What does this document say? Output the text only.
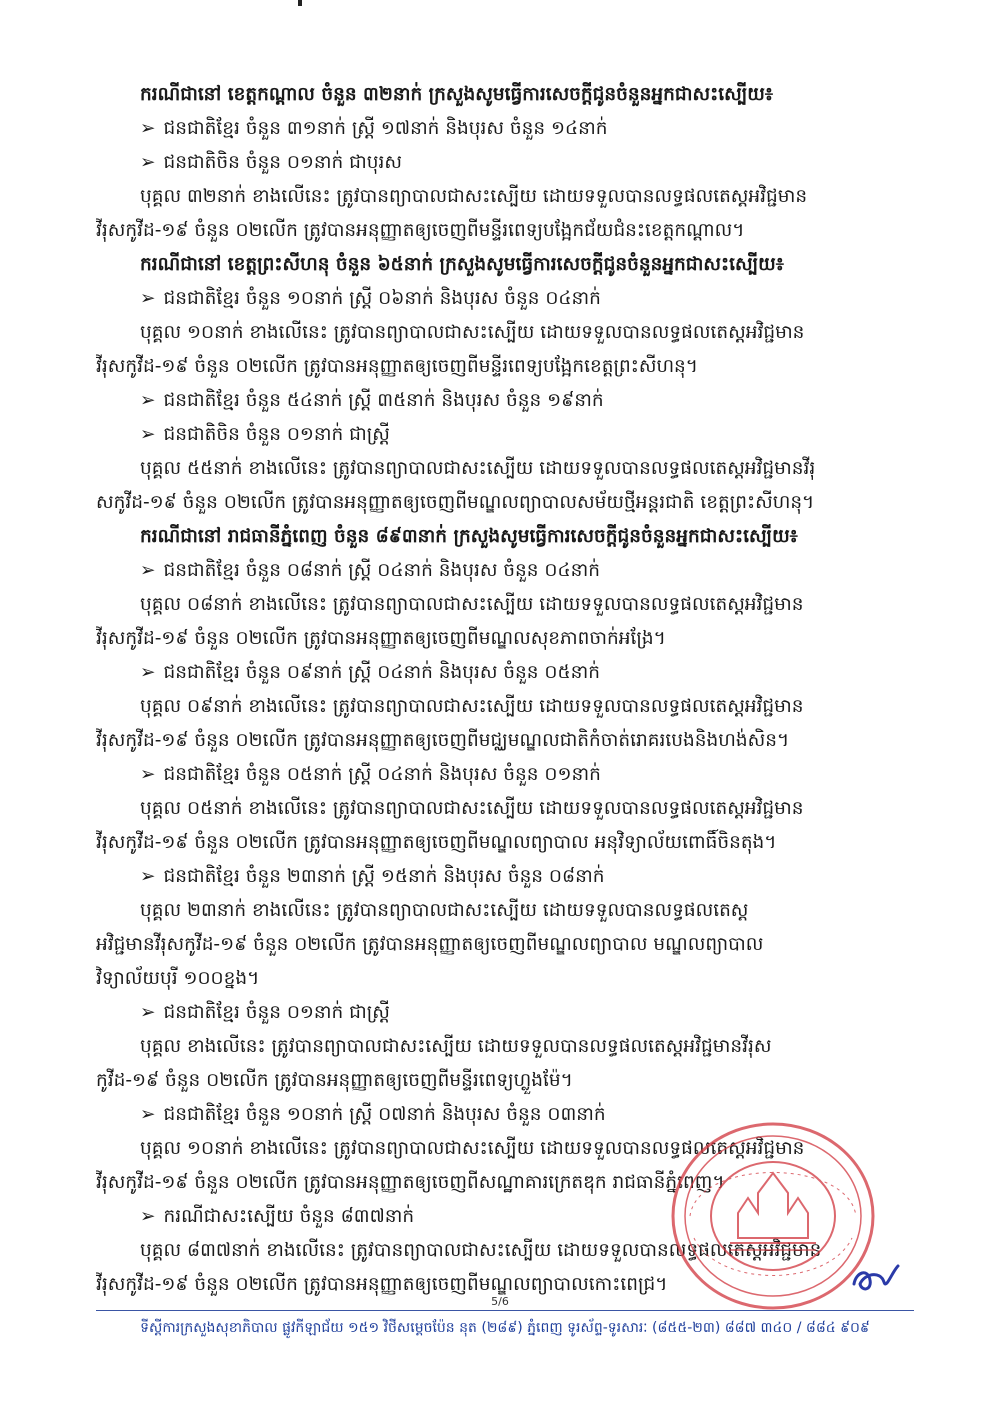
ករណីជានៅ ខេត្តកណ្តាល ចំនួន ៣២នាក់ ក្រសួងសូមធ្វើការសេចក្តីជូនចំនួនអ្នកជាសះស្បើយ៖
➢ ជនជាតិខ្មែរ ចំនួន ៣១នាក់ ស្ត្រី ១៧នាក់ និងបុរស ចំនួន ១៤នាក់
➢ ជនជាតិចិន ចំនួន ០១នាក់ ជាបុរស
បុគ្គល ៣២នាក់ ខាងលើនេះ ត្រូវបានព្យាបាលជាសះស្បើយ ដោយទទួលបានលទ្ធផលតេស្តអវិជ្ជមាន
វីរុសកូវីដ-១៩ ចំនួន ០២លើក ត្រូវបានអនុញ្ញាតឲ្យចេញពីមន្ទីរពេទ្យបង្អែកជ័យជំនះខេត្តកណ្តាល។
ករណីជានៅ ខេត្តព្រះសីហនុ ចំនួន ៦៥នាក់ ក្រសួងសូមធ្វើការសេចក្តីជូនចំនួនអ្នកជាសះស្បើយ៖
➢ ជនជាតិខ្មែរ ចំនួន ១០នាក់ ស្ត្រី ០៦នាក់ និងបុរស ចំនួន ០៤នាក់
បុគ្គល ១០នាក់ ខាងលើនេះ ត្រូវបានព្យាបាលជាសះស្បើយ ដោយទទួលបានលទ្ធផលតេស្តអវិជ្ជមាន
វីរុសកូវីដ-១៩ ចំនួន ០២លើក ត្រូវបានអនុញ្ញាតឲ្យចេញពីមន្ទីរពេទ្យបង្អែកខេត្តព្រះសីហនុ។
➢ ជនជាតិខ្មែរ ចំនួន ៥៤នាក់ ស្ត្រី ៣៥នាក់ និងបុរស ចំនួន ១៩នាក់
➢ ជនជាតិចិន ចំនួន ០១នាក់ ជាស្ត្រី
បុគ្គល ៥៥នាក់ ខាងលើនេះ ត្រូវបានព្យាបាលជាសះស្បើយ ដោយទទួលបានលទ្ធផលតេស្តអវិជ្ជមានវីរុ
សកូវីដ-១៩ ចំនួន ០២លើក ត្រូវបានអនុញ្ញាតឲ្យចេញពីមណ្ឌលព្យាបាលសម័យថ្មីអន្តរជាតិ ខេត្តព្រះសីហនុ។
ករណីជានៅ រាជធានីភ្នំពេញ ចំនួន ៨៩៣នាក់ ក្រសួងសូមធ្វើការសេចក្តីជូនចំនួនអ្នកជាសះស្បើយ៖
➢ ជនជាតិខ្មែរ ចំនួន ០៨នាក់ ស្ត្រី ០៤នាក់ និងបុរស ចំនួន ០៤នាក់
បុគ្គល ០៨នាក់ ខាងលើនេះ ត្រូវបានព្យាបាលជាសះស្បើយ ដោយទទួលបានលទ្ធផលតេស្តអវិជ្ជមាន
វីរុសកូវីដ-១៩ ចំនួន ០២លើក ត្រូវបានអនុញ្ញាតឲ្យចេញពីមណ្ឌលសុខភាពចាក់អង្រែ។
➢ ជនជាតិខ្មែរ ចំនួន ០៩នាក់ ស្ត្រី ០៤នាក់ និងបុរស ចំនួន ០៥នាក់
បុគ្គល ០៩នាក់ ខាងលើនេះ ត្រូវបានព្យាបាលជាសះស្បើយ ដោយទទួលបានលទ្ធផលតេស្តអវិជ្ជមាន
វីរុសកូវីដ-១៩ ចំនួន ០២លើក ត្រូវបានអនុញ្ញាតឲ្យចេញពីមជ្ឈមណ្ឌលជាតិកំចាត់រោគរបេងនិងហង់សិន។
➢ ជនជាតិខ្មែរ ចំនួន ០៥នាក់ ស្ត្រី ០៤នាក់ និងបុរស ចំនួន ០១នាក់
បុគ្គល ០៥នាក់ ខាងលើនេះ ត្រូវបានព្យាបាលជាសះស្បើយ ដោយទទួលបានលទ្ធផលតេស្តអវិជ្ជមាន
វីរុសកូវីដ-១៩ ចំនួន ០២លើក ត្រូវបានអនុញ្ញាតឲ្យចេញពីមណ្ឌលព្យាបាល អនុវិទ្យាល័យពោធិ៍ចិនតុង។
➢ ជនជាតិខ្មែរ ចំនួន ២៣នាក់ ស្ត្រី ១៥នាក់ និងបុរស ចំនួន ០៨នាក់
បុគ្គល ២៣នាក់ ខាងលើនេះ ត្រូវបានព្យាបាលជាសះស្បើយ ដោយទទួលបានលទ្ធផលតេស្ត
អវិជ្ជមានវីរុសកូវីដ-១៩ ចំនួន ០២លើក ត្រូវបានអនុញ្ញាតឲ្យចេញពីមណ្ឌលព្យាបាល មណ្ឌលព្យាបាល
វិទ្យាល័យបុរី ១០០ខ្នង។
➢ ជនជាតិខ្មែរ ចំនួន ០១នាក់ ជាស្ត្រី
បុគ្គល ខាងលើនេះ ត្រូវបានព្យាបាលជាសះស្បើយ ដោយទទួលបានលទ្ធផលតេស្តអវិជ្ជមានវីរុស
កូវីដ-១៩ ចំនួន ០២លើក ត្រូវបានអនុញ្ញាតឲ្យចេញពីមន្ទីរពេទ្យហ្លួងម៉ែ។
➢ ជនជាតិខ្មែរ ចំនួន ១០នាក់ ស្ត្រី ០៧នាក់ និងបុរស ចំនួន ០៣នាក់
បុគ្គល ១០នាក់ ខាងលើនេះ ត្រូវបានព្យាបាលជាសះស្បើយ ដោយទទួលបានលទ្ធផលតេស្តអវិជ្ជមាន
វីរុសកូវីដ-១៩ ចំនួន ០២លើក ត្រូវបានអនុញ្ញាតឲ្យចេញពីសណ្ឋាគារក្រេតឌុក រាជធានីភ្នំពេញ។
➢ ករណីជាសះស្បើយ ចំនួន ៨៣៧នាក់
បុគ្គល ៨៣៧នាក់ ខាងលើនេះ ត្រូវបានព្យាបាលជាសះស្បើយ ដោយទទួលបានលទ្ធផលតេស្តអវិជ្ជមាន
វីរុសកូវីដ-១៩ ចំនួន ០២លើក ត្រូវបានអនុញ្ញាតឲ្យចេញពីមណ្ឌលព្យាបាលកោះពេជ្រ។
5/6
ទីស្តីការក្រសួងសុខាភិបាល ផ្លូវកីឡាជ័យ ១៥១ វិថីសម្តេចប៉ែន នុត (២៨៩) ភ្នំពេញ ទូរស័ព្ទ-ទូរសារៈ (៨៥៥-២៣) ៨៨៧ ៣៤០ / ៨៨៤ ៩០៩
